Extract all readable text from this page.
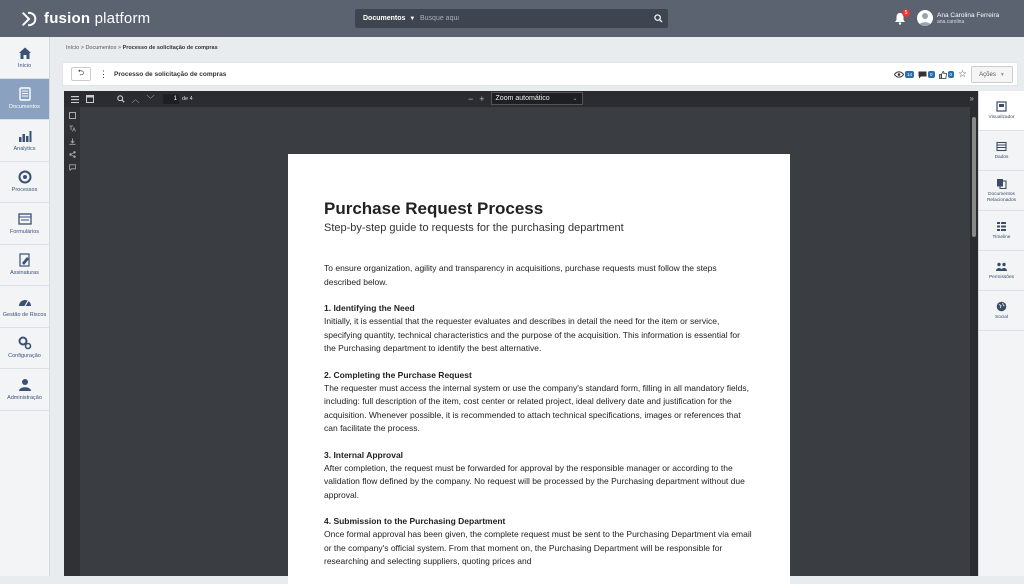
fusion platform	Documentos ▼
Busque aqui
5	Ana Carolina Ferreira
ana.carolina
Início
Documentos
Analytics
Processos
Formulários
Assinaturas
Gestão de Riscos
Configuração
Administração
Início > Documentos > Processo de solicitação de compras
⮌ ⋮ Processo de solicitação de compras	14	0	0 ☆ Ações ▼
︿ ﹀	1 de 4	− + Zoom automático	⌄	»
Purchase Request Process
Step-by-step guide to requests for the purchasing department

To ensure organization, agility and transparency in acquisitions, purchase requests must follow the steps described below.

1. Identifying the Need

Initially, it is essential that the requester evaluates and describes in detail the need for the item or service, specifying quantity, technical characteristics and the purpose of the acquisition. This information is essential for the Purchasing department to identify the best alternative.

2. Completing the Purchase Request

The requester must access the internal system or use the company's standard form, filling in all mandatory fields, including: full description of the item, cost center or related project, ideal delivery date and justification for the acquisition. Whenever possible, it is recommended to attach technical specifications, images or references that can facilitate the process.

3. Internal Approval

After completion, the request must be forwarded for approval by the responsible manager or according to the validation flow defined by the company. No request will be processed by the Purchasing department without due approval.

4. Submission to the Purchasing Department

Once formal approval has been given, the complete request must be sent to the Purchasing Department via email or the company's official system. From that moment on, the Purchasing Department will be responsible for researching and selecting suppliers, quoting prices and

Visualizador
Dados
Documentos Relacionados
Timeline
Permissões
Social
